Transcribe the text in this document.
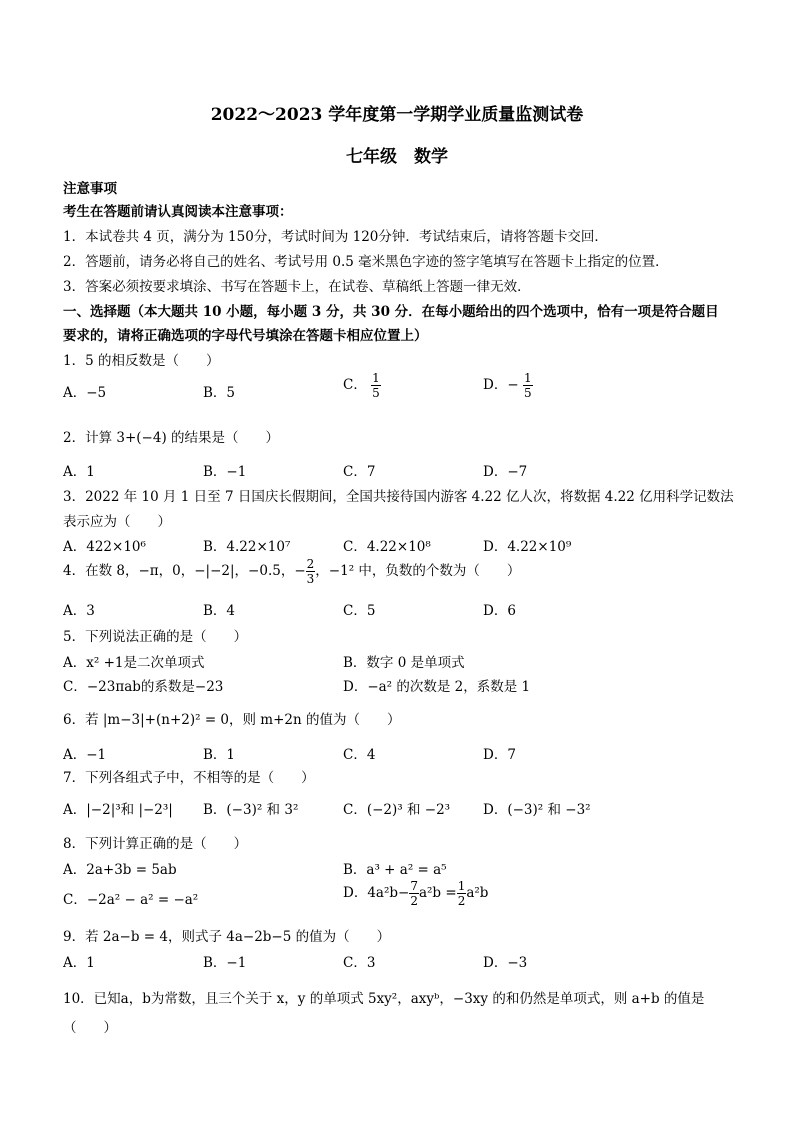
2022～2023 学年度第一学期学业质量监测试卷
七年级　数学
注意事项
考生在答题前请认真阅读本注意事项：
1．本试卷共 4 页，满分为 150分，考试时间为 120分钟．考试结束后，请将答题卡交回．
2．答题前，请务必将自己的姓名、考试号用 0.5 毫米黑色字迹的签字笔填写在答题卡上指定的位置．
3．答案必须按要求填涂、书写在答题卡上，在试卷、草稿纸上答题一律无效．
一、选择题（本大题共 10 小题，每小题 3 分，共 30 分．在每小题给出的四个选项中，恰有一项是符合题目
要求的，请将正确选项的字母代号填涂在答题卡相应位置上）
1．5 的相反数是（　　）
A．−5	B．5	C． $\frac{1}{5}$	D．− $\frac{1}{5}$
2．计算 3+(−4) 的结果是（　　）
A．1	B．−1	C．7	D．−7
3．2022 年 10 月 1 日至 7 日国庆长假期间，全国共接待国内游客 4.22 亿人次，将数据 4.22 亿用科学记数法
表示应为（　　）
A．422×10⁶	B．4.22×10⁷	C．4.22×10⁸	D．4.22×10⁹
4．在数 8，−π，0，−|−2|，−0.5，− $\frac{2}{3}$ ，−1² 中，负数的个数为（　　）
A．3	B．4	C．5	D．6
5．下列说法正确的是（　　）
A．x² +1是二次单项式	B．数字 0 是单项式
C．−23πab的系数是−23	D．−a² 的次数是 2，系数是 1
6．若 |m−3|+(n+2)² = 0，则 m+2n 的值为（　　）
A．−1	B．1	C．4	D．7
7．下列各组式子中，不相等的是（　　）
A．|−2|³和 |−2³| B．(−3)² 和 3²	C．(−2)³ 和 −2³ D．(−3)² 和 −3²
8．下列计算正确的是（　　）
A．2a+3b = 5ab	B．a³ + a² = a⁵
C．−2a² − a² = −a²	D．$4a^2b- \frac{7}{2} a^2b = \frac{1}{2} a^2b$
9．若 2a−b = 4，则式子 4a−2b−5 的值为（　　）
A．1	B．−1	C．3	D．−3
10．已知a，b为常数，且三个关于 x，y 的单项式 5xy²，axyᵇ，−3xy 的和仍然是单项式，则 a+b 的值是
（　　）
